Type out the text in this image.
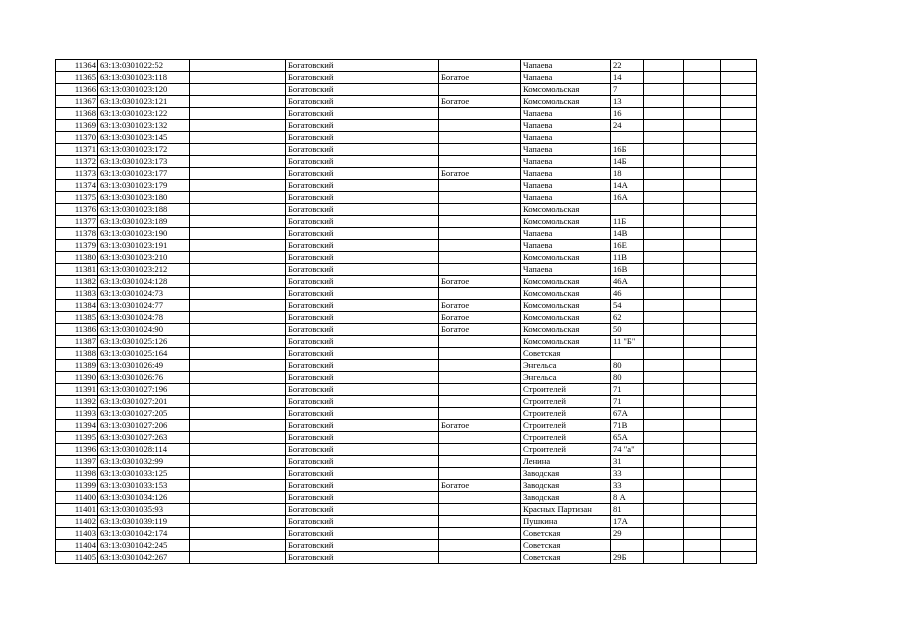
11364	63:13:0301022:52		Богатовский		Чапаева	22			
11365	63:13:0301023:118		Богатовский	Богатое	Чапаева	14			
11366	63:13:0301023:120		Богатовский		Комсомольская	7			
11367	63:13:0301023:121		Богатовский	Богатое	Комсомольская	13			
11368	63:13:0301023:122		Богатовский		Чапаева	16			
11369	63:13:0301023:132		Богатовский		Чапаева	24			
11370	63:13:0301023:145		Богатовский		Чапаева				
11371	63:13:0301023:172		Богатовский		Чапаева	16Б			
11372	63:13:0301023:173		Богатовский		Чапаева	14Б			
11373	63:13:0301023:177		Богатовский	Богатое	Чапаева	18			
11374	63:13:0301023:179		Богатовский		Чапаева	14А			
11375	63:13:0301023:180		Богатовский		Чапаева	16А			
11376	63:13:0301023:188		Богатовский		Комсомольская				
11377	63:13:0301023:189		Богатовский		Комсомольская	11Б			
11378	63:13:0301023:190		Богатовский		Чапаева	14В			
11379	63:13:0301023:191		Богатовский		Чапаева	16Е			
11380	63:13:0301023:210		Богатовский		Комсомольская	11В			
11381	63:13:0301023:212		Богатовский		Чапаева	16В			
11382	63:13:0301024:128		Богатовский	Богатое	Комсомольская	46А			
11383	63:13:0301024:73		Богатовский		Комсомольская	46			
11384	63:13:0301024:77		Богатовский	Богатое	Комсомольская	54			
11385	63:13:0301024:78		Богатовский	Богатое	Комсомольская	62			
11386	63:13:0301024:90		Богатовский	Богатое	Комсомольская	50			
11387	63:13:0301025:126		Богатовский		Комсомольская	11 "Б"			
11388	63:13:0301025:164		Богатовский		Советская				
11389	63:13:0301026:49		Богатовский		Энгельса	80			
11390	63:13:0301026:76		Богатовский		Энгельса	80			
11391	63:13:0301027:196		Богатовский		Строителей	71			
11392	63:13:0301027:201		Богатовский		Строителей	71			
11393	63:13:0301027:205		Богатовский		Строителей	67А			
11394	63:13:0301027:206		Богатовский	Богатое	Строителей	71В			
11395	63:13:0301027:263		Богатовский		Строителей	65А			
11396	63:13:0301028:114		Богатовский		Строителей	74 "а"			
11397	63:13:0301032:99		Богатовский		Ленина	31			
11398	63:13:0301033:125		Богатовский		Заводская	33			
11399	63:13:0301033:153		Богатовский	Богатое	Заводская	33			
11400	63:13:0301034:126		Богатовский		Заводская	8 А			
11401	63:13:0301035:93		Богатовский		Красных Партизан	81			
11402	63:13:0301039:119		Богатовский		Пушкина	17А			
11403	63:13:0301042:174		Богатовский		Советская	29			
11404	63:13:0301042:245		Богатовский		Советская				
11405	63:13:0301042:267		Богатовский		Советская	29Б			
